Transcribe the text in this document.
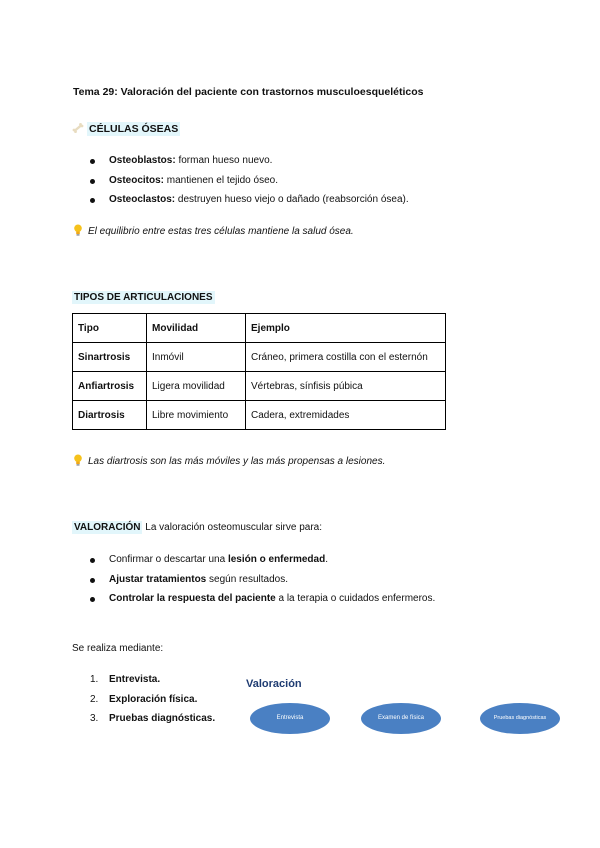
Tema 29: Valoración del paciente con trastornos musculoesqueléticos
CÉLULAS ÓSEAS
Osteoblastos: forman hueso nuevo.
Osteocitos: mantienen el tejido óseo.
Osteoclastos: destruyen hueso viejo o dañado (reabsorción ósea).
El equilibrio entre estas tres células mantiene la salud ósea.
TIPOS DE ARTICULACIONES
Tipo	Movilidad	Ejemplo
Sinartrosis	Inmóvil	Cráneo, primera costilla con el esternón
Anfiartrosis	Ligera movilidad	Vértebras, sínfisis púbica
Diartrosis	Libre movimiento	Cadera, extremidades
Las diartrosis son las más móviles y las más propensas a lesiones.
VALORACIÓN La valoración osteomuscular sirve para:
Confirmar o descartar una lesión o enfermedad.
Ajustar tratamientos según resultados.
Controlar la respuesta del paciente a la terapia o cuidados enfermeros.
Se realiza mediante:
1. Entrevista.
2. Exploración física.
3. Pruebas diagnósticas.
Valoración
Entrevista	Examen de física	Pruebas diagnósticas
